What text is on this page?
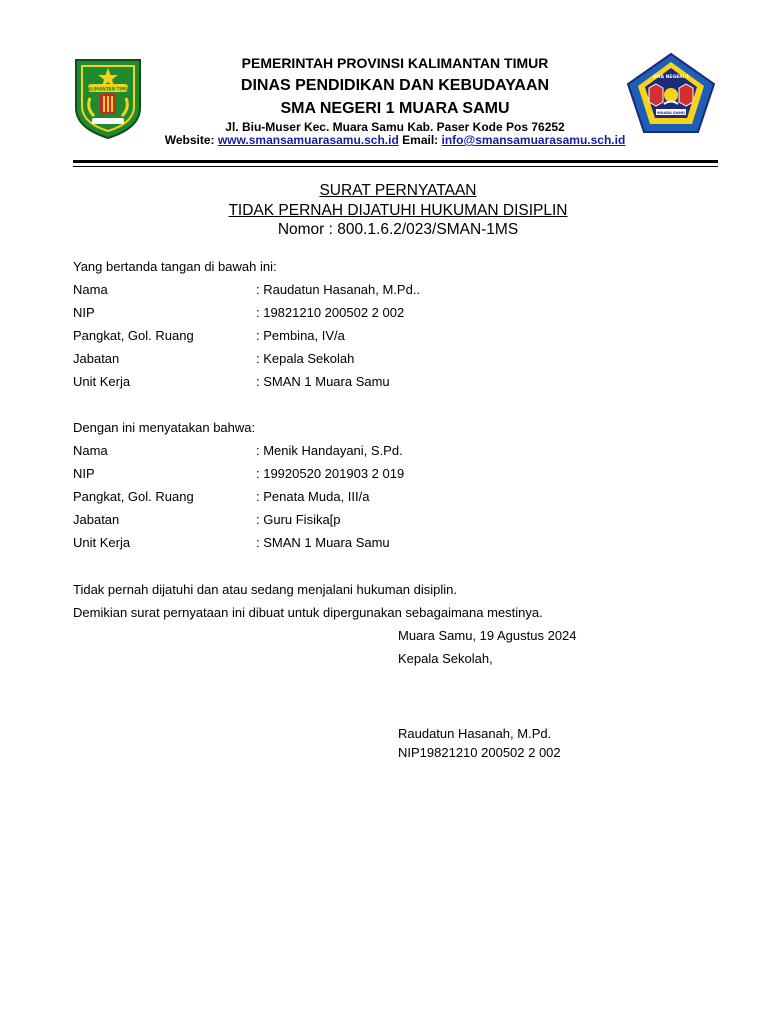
KALIMANTAN TIMUR
SMA NEGERI 1
MUARA SAMU
PEMERINTAH PROVINSI KALIMANTAN TIMUR
DINAS PENDIDIKAN DAN KEBUDAYAAN
SMA NEGERI 1 MUARA SAMU
Jl. Biu-Muser Kec. Muara Samu Kab. Paser Kode Pos 76252
Website: www.smansamuarasamu.sch.id Email: info@smansamuarasamu.sch.id
SURAT PERNYATAAN
TIDAK PERNAH DIJATUHI HUKUMAN DISIPLIN
Nomor : 800.1.6.2/023/SMAN-1MS
Yang bertanda tangan di bawah ini:
Nama	: Raudatun Hasanah, M.Pd..
NIP	: 19821210 200502 2 002
Pangkat, Gol. Ruang	: Pembina, IV/a
Jabatan	: Kepala Sekolah
Unit Kerja	: SMAN 1 Muara Samu
Dengan ini menyatakan bahwa:
Nama	: Menik Handayani, S.Pd.
NIP	: 19920520 201903 2 019
Pangkat, Gol. Ruang	: Penata Muda, III/a
Jabatan	: Guru Fisika[p
Unit Kerja	: SMAN 1 Muara Samu
Tidak pernah dijatuhi dan atau sedang menjalani hukuman disiplin.
Demikian surat pernyataan ini dibuat untuk dipergunakan sebagaimana mestinya.
Muara Samu, 19 Agustus 2024
Kepala Sekolah,
Raudatun Hasanah, M.Pd.
NIP19821210 200502 2 002
